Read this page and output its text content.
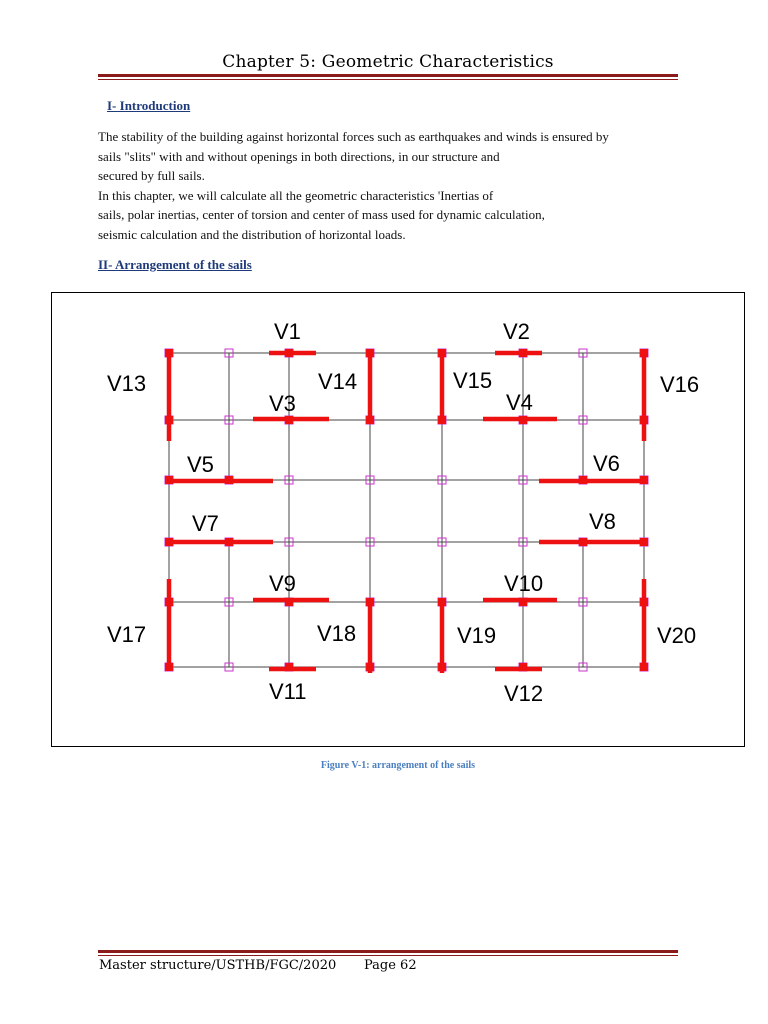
Chapter 5: Geometric Characteristics
I- Introduction
The stability of the building against horizontal forces such as earthquakes and winds is ensured by
sails "slits" with and without openings in both directions, in our structure and
secured by full sails.
In this chapter, we will calculate all the geometric characteristics 'Inertias of
sails, polar inertias, center of torsion and center of mass used for dynamic calculation,
seismic calculation and the distribution of horizontal loads.
II- Arrangement of the sails
V1	V2
V3	V4
V5	V6
V7	V8
V9	V10
V11	V12
V13	V14	V15	V16
V17	V18	V19	V20

Figure V-1: arrangement of the sails

Master structure/USTHB/FGC/2020 Page 62
